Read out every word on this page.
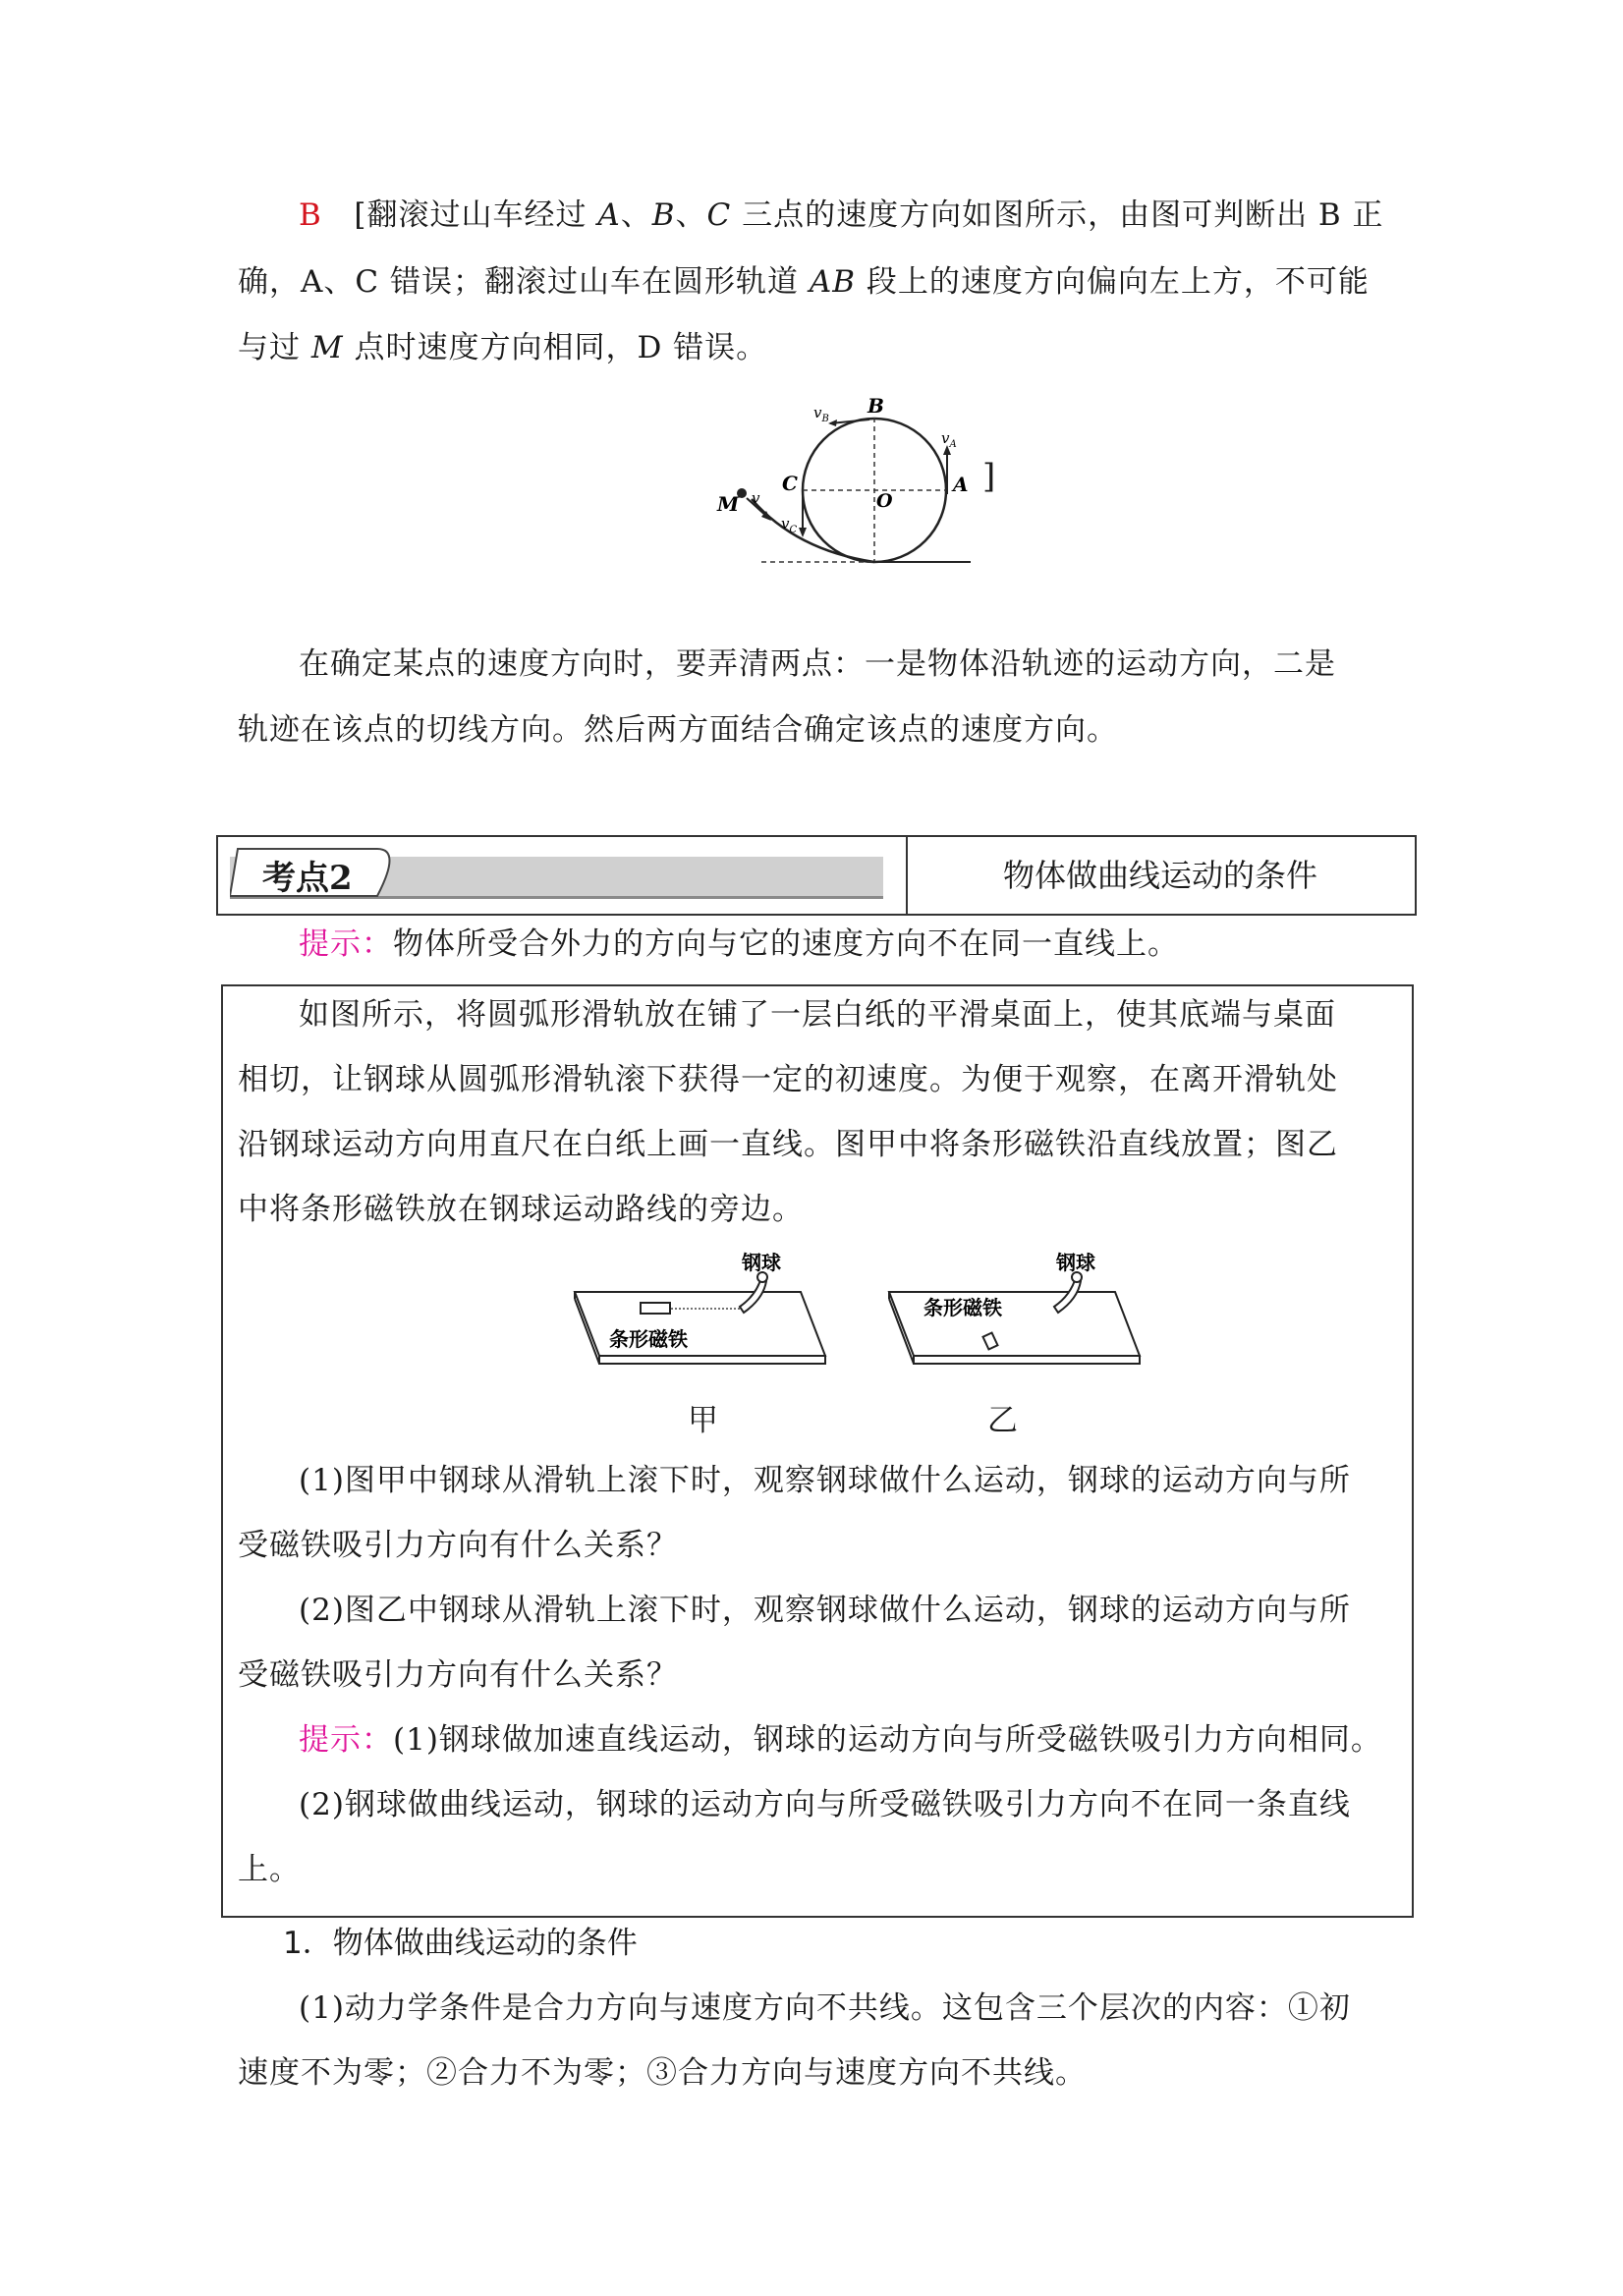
B [翻滚过山车经过 A、B、C 三点的速度方向如图所示，由图可判断出 B 正

确，A、C 错误；翻滚过山车在圆形轨道 AB 段上的速度方向偏向左上方，不可能

与过 M 点时速度方向相同，D 错误。

B
$v_B$
$v_A$
A
C
O
$v_C$
M v
]

在确定某点的速度方向时，要弄清两点：一是物体沿轨迹的运动方向，二是

轨迹在该点的切线方向。然后两方面结合确定该点的速度方向。

考点2	物体做曲线运动的条件

提示：物体所受合外力的方向与它的速度方向不在同一直线上。

如图所示，将圆弧形滑轨放在铺了一层白纸的平滑桌面上，使其底端与桌面

相切，让钢球从圆弧形滑轨滚下获得一定的初速度。为便于观察，在离开滑轨处

沿钢球运动方向用直尺在白纸上画一直线。图甲中将条形磁铁沿直线放置；图乙

中将条形磁铁放在钢球运动路线的旁边。

钢球
条形磁铁
甲
钢球
条形磁铁
乙

(1)图甲中钢球从滑轨上滚下时，观察钢球做什么运动，钢球的运动方向与所

受磁铁吸引力方向有什么关系？

(2)图乙中钢球从滑轨上滚下时，观察钢球做什么运动，钢球的运动方向与所

受磁铁吸引力方向有什么关系？

提示：(1)钢球做加速直线运动，钢球的运动方向与所受磁铁吸引力方向相同。

(2)钢球做曲线运动，钢球的运动方向与所受磁铁吸引力方向不在同一条直线

上。

1．物体做曲线运动的条件

(1)动力学条件是合力方向与速度方向不共线。这包含三个层次的内容：①初

速度不为零；②合力不为零；③合力方向与速度方向不共线。
